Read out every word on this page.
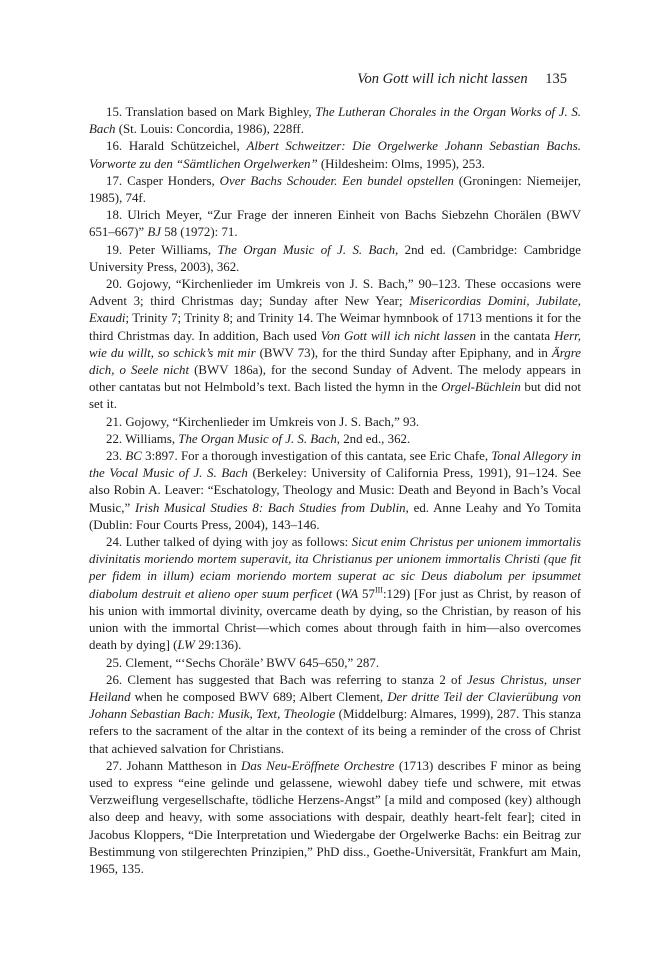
Von Gott will ich nicht lassen 135

15. Translation based on Mark Bighley, The Lutheran Chorales in the Organ Works of J. S. Bach (St. Louis: Concordia, 1986), 228ff.

16. Harald Schützeichel, Albert Schweitzer: Die Orgelwerke Johann Sebastian Bachs. Vorworte zu den “Sämtlichen Orgelwerken” (Hildesheim: Olms, 1995), 253.

17. Casper Honders, Over Bachs Schouder. Een bundel opstellen (Groningen: Niemeijer, 1985), 74f.

18. Ulrich Meyer, “Zur Frage der inneren Einheit von Bachs Siebzehn Chorälen (BWV 651–667)” BJ 58 (1972): 71.

19. Peter Williams, The Organ Music of J. S. Bach, 2nd ed. (Cambridge: Cambridge University Press, 2003), 362.

20. Gojowy, “Kirchenlieder im Umkreis von J. S. Bach,” 90–123. These occasions were Advent 3; third Christmas day; Sunday after New Year; Misericordias Domini, Jubilate, Exaudi; Trinity 7; Trinity 8; and Trinity 14. The Weimar hymnbook of 1713 mentions it for the third Christmas day. In addition, Bach used Von Gott will ich nicht lassen in the cantata Herr, wie du willt, so schick’s mit mir (BWV 73), for the third Sunday after Epiphany, and in Ärgre dich, o Seele nicht (BWV 186a), for the second Sunday of Advent. The melody appears in other cantatas but not Helmbold’s text. Bach listed the hymn in the Orgel-Büchlein but did not set it.

21. Gojowy, “Kirchenlieder im Umkreis von J. S. Bach,” 93.

22. Williams, The Organ Music of J. S. Bach, 2nd ed., 362.

23. BC 3:897. For a thorough investigation of this cantata, see Eric Chafe, Tonal Allegory in the Vocal Music of J. S. Bach (Berkeley: University of California Press, 1991), 91–124. See also Robin A. Leaver: “Eschatology, Theology and Music: Death and Beyond in Bach’s Vocal Music,” Irish Musical Studies 8: Bach Studies from Dublin, ed. Anne Leahy and Yo Tomita (Dublin: Four Courts Press, 2004), 143–146.

24. Luther talked of dying with joy as follows: Sicut enim Christus per unionem immortalis divinitatis moriendo mortem superavit, ita Christianus per unionem immortalis Christi (que fit per fidem in illum) eciam moriendo mortem superat ac sic Deus diabolum per ipsummet diabolum destruit et alieno oper suum perficet (WA $57^{III}:129$) [For just as Christ, by reason of his union with immortal divinity, overcame death by dying, so the Christian, by reason of his union with the immortal Christ—which comes about through faith in him—also overcomes death by dying] (LW 29:136).

25. Clement, “‘Sechs Choräle’ BWV 645–650,” 287.

26. Clement has suggested that Bach was referring to stanza 2 of Jesus Christus, unser Heiland when he composed BWV 689; Albert Clement, Der dritte Teil der Clavierübung von Johann Sebastian Bach: Musik, Text, Theologie (Middelburg: Almares, 1999), 287. This stanza refers to the sacrament of the altar in the context of its being a reminder of the cross of Christ that achieved salvation for Christians.

27. Johann Mattheson in Das Neu-Eröffnete Orchestre (1713) describes F minor as being used to express “eine gelinde und gelassene, wiewohl dabey tiefe und schwere, mit etwas Verzweiflung vergesellschafte, tödliche Herzens-Angst” [a mild and composed (key) although also deep and heavy, with some associations with despair, deathly heart-felt fear]; cited in Jacobus Kloppers, “Die Interpretation und Wiedergabe der Orgelwerke Bachs: ein Beitrag zur Bestimmung von stilgerechten Prinzipien,” PhD diss., Goethe-Universität, Frankfurt am Main, 1965, 135.
